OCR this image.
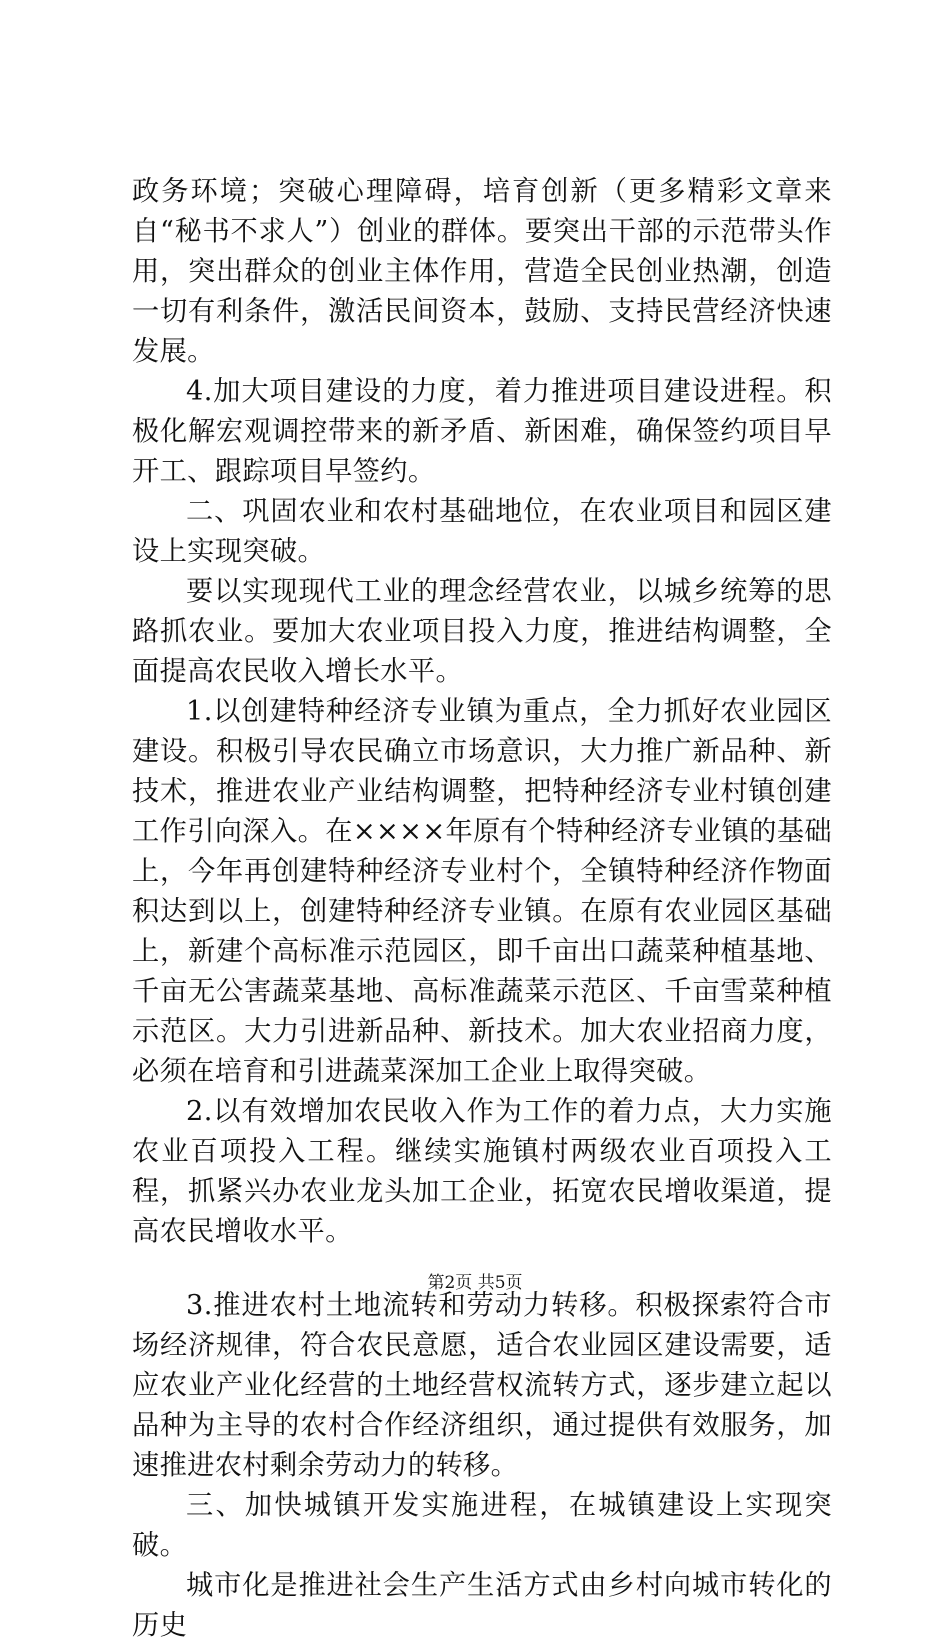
政务环境；突破心理障碍，培育创新（更多精彩文章来自“秘书不求人”）创业的群体。要突出干部的示范带头作用，突出群众的创业主体作用，营造全民创业热潮，创造一切有利条件，激活民间资本，鼓励、支持民营经济快速发展。

4.加大项目建设的力度，着力推进项目建设进程。积极化解宏观调控带来的新矛盾、新困难，确保签约项目早开工、跟踪项目早签约。

二、巩固农业和农村基础地位，在农业项目和园区建设上实现突破。

要以实现现代工业的理念经营农业，以城乡统筹的思路抓农业。要加大农业项目投入力度，推进结构调整，全面提高农民收入增长水平。

1.以创建特种经济专业镇为重点，全力抓好农业园区建设。积极引导农民确立市场意识，大力推广新品种、新技术，推进农业产业结构调整，把特种经济专业村镇创建工作引向深入。在××××年原有个特种经济专业镇的基础上，今年再创建特种经济专业村个，全镇特种经济作物面积达到以上，创建特种经济专业镇。在原有农业园区基础上，新建个高标准示范园区，即千亩出口蔬菜种植基地、千亩无公害蔬菜基地、高标准蔬菜示范区、千亩雪菜种植示范区。大力引进新品种、新技术。加大农业招商力度，必须在培育和引进蔬菜深加工企业上取得突破。

2.以有效增加农民收入作为工作的着力点，大力实施农业百项投入工程。继续实施镇村两级农业百项投入工程，抓紧兴办农业龙头加工企业，拓宽农民增收渠道，提高农民增收水平。

3.推进农村土地流转和劳动力转移。积极探索符合市场经济规律，符合农民意愿，适合农业园区建设需要，适应农业产业化经营的土地经营权流转方式，逐步建立起以品种为主导的农村合作经济组织，通过提供有效服务，加速推进农村剩余劳动力的转移。

三、加快城镇开发实施进程，在城镇建设上实现突破。

城市化是推进社会生产生活方式由乡村向城市转化的历史

第2页 共5页
